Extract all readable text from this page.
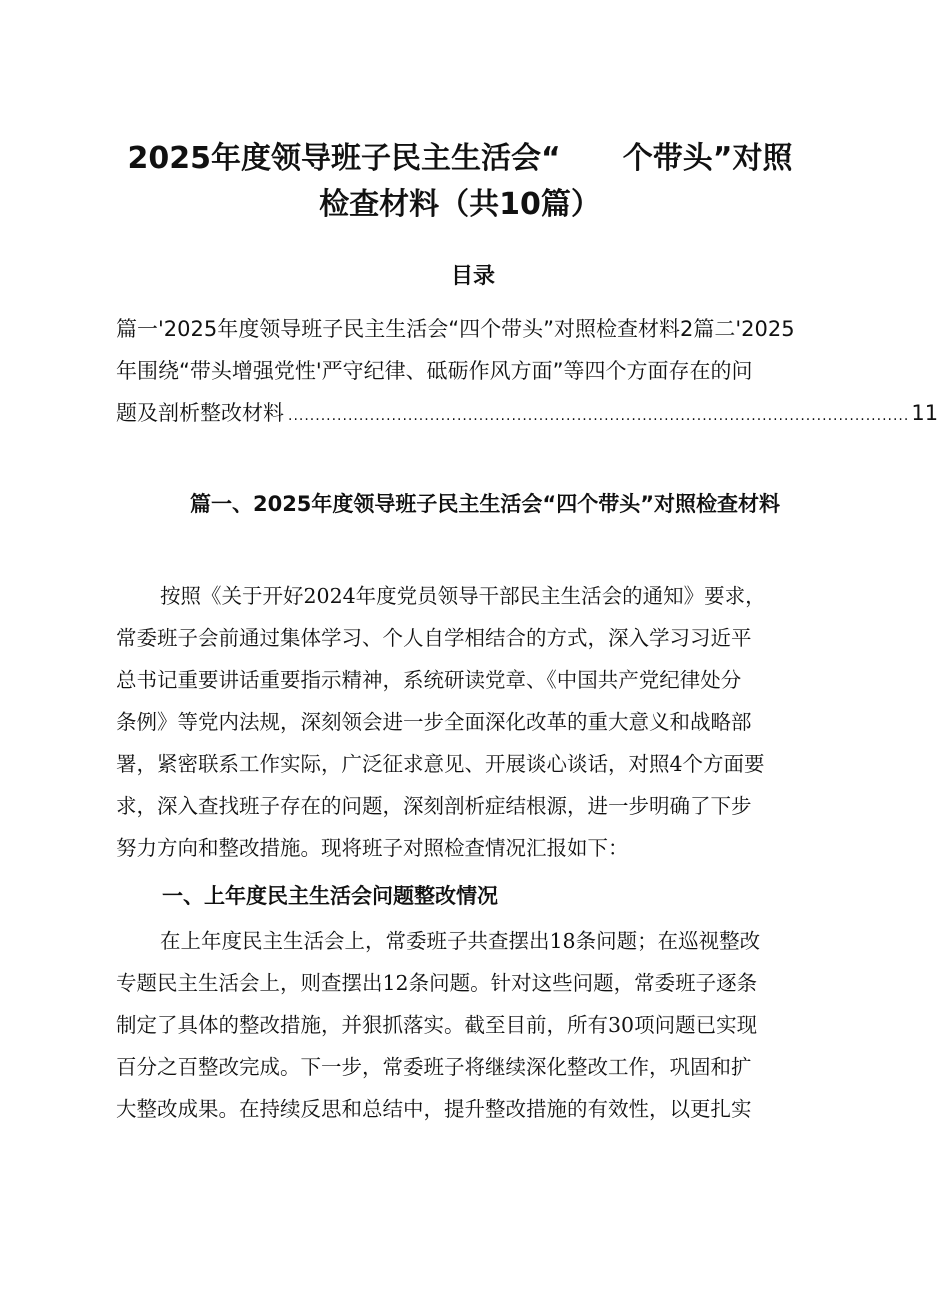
2025年度领导班子民主生活会“ 个带头”对照
检查材料（共10篇）
目录
篇一'2025年度领导班子民主生活会“四个带头”对照检查材料2篇二'2025
年围绕“带头增强党性'严守纪律、砥砺作风方面”等四个方面存在的问
题及剖析整改材料 .................................................................................................................. 11
篇一、2025年度领导班子民主生活会“四个带头”对照检查材料
按照《关于开好2024年度党员领导干部民主生活会的通知》要求，
常委班子会前通过集体学习、个人自学相结合的方式，深入学习习近平
总书记重要讲话重要指示精神，系统研读党章、《中国共产党纪律处分
条例》等党内法规，深刻领会进一步全面深化改革的重大意义和战略部
署，紧密联系工作实际，广泛征求意见、开展谈心谈话，对照4个方面要
求，深入查找班子存在的问题，深刻剖析症结根源，进一步明确了下步
努力方向和整改措施。现将班子对照检查情况汇报如下：
一、上年度民主生活会问题整改情况
在上年度民主生活会上，常委班子共查摆出18条问题；在巡视整改
专题民主生活会上，则查摆出12条问题。针对这些问题，常委班子逐条
制定了具体的整改措施，并狠抓落实。截至目前，所有30项问题已实现
百分之百整改完成。下一步，常委班子将继续深化整改工作，巩固和扩
大整改成果。在持续反思和总结中，提升整改措施的有效性，以更扎实
